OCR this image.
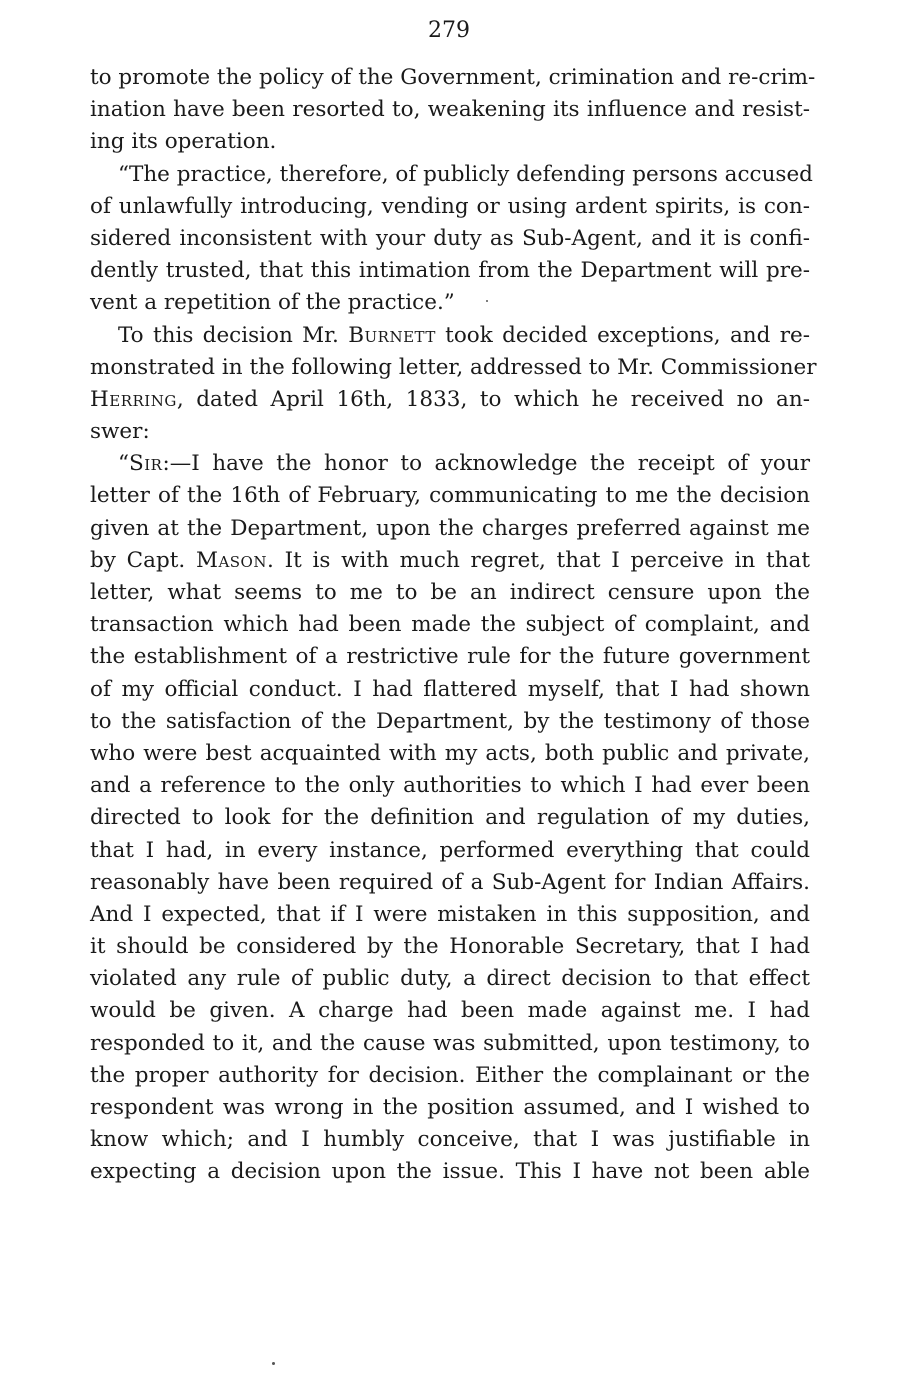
279

to promote the policy of the Government, crimination and re-crim-
ination have been resorted to, weakening its influence and resist-
ing its operation.

“The practice, therefore, of publicly defending persons accused
of unlawfully introducing, vending or using ardent spirits, is con-
sidered inconsistent with your duty as Sub-Agent, and it is confi-
dently trusted, that this intimation from the Department will pre-
vent a repetition of the practice.”

To this decision Mr. Burnett took decided exceptions, and re-
monstrated in the following letter, addressed to Mr. Commissioner
Herring, dated April 16th, 1833, to which he received no an-
swer:

“Sir:—I have the honor to acknowledge the receipt of your
letter of the 16th of February, communicating to me the decision
given at the Department, upon the charges preferred against me
by Capt. Mason. It is with much regret, that I perceive in that
letter, what seems to me to be an indirect censure upon the
transaction which had been made the subject of complaint, and
the establishment of a restrictive rule for the future government
of my official conduct. I had flattered myself, that I had shown
to the satisfaction of the Department, by the testimony of those
who were best acquainted with my acts, both public and private,
and a reference to the only authorities to which I had ever been
directed to look for the definition and regulation of my duties,
that I had, in every instance, performed everything that could
reasonably have been required of a Sub-Agent for Indian Affairs.
And I expected, that if I were mistaken in this supposition, and
it should be considered by the Honorable Secretary, that I had
violated any rule of public duty, a direct decision to that effect
would be given. A charge had been made against me. I had
responded to it, and the cause was submitted, upon testimony, to
the proper authority for decision. Either the complainant or the
respondent was wrong in the position assumed, and I wished to
know which; and I humbly conceive, that I was justifiable in
expecting a decision upon the issue. This I have not been able
